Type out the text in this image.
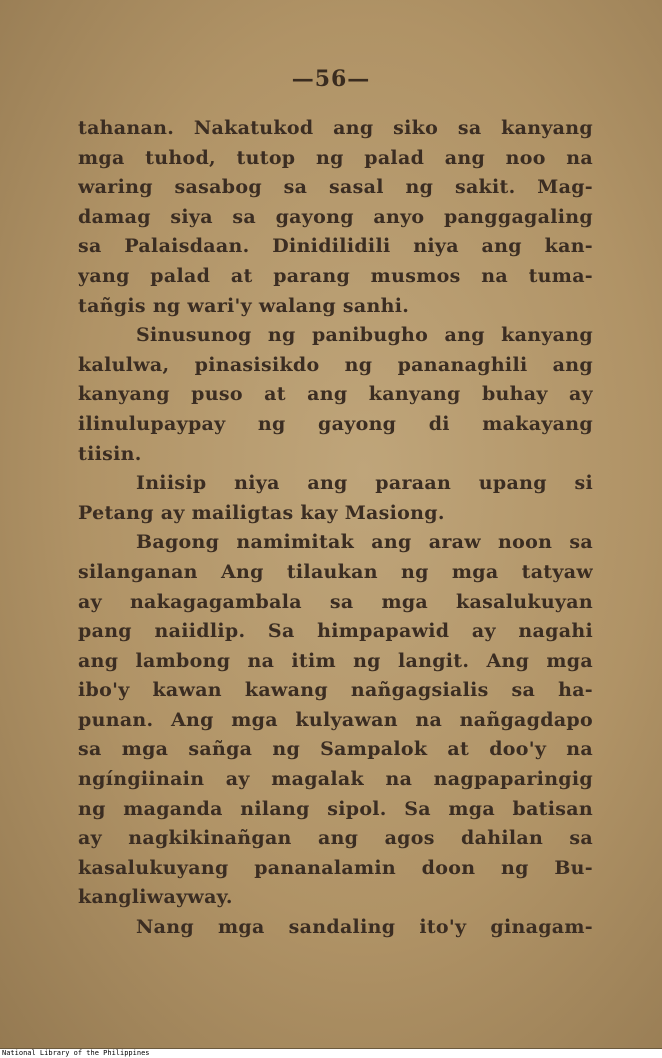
—56—
tahanan. Nakatukod ang siko sa kanyang
mga tuhod, tutop ng palad ang noo na
waring sasabog sa sasal ng sakit. Mag-
damag siya sa gayong anyo panggagaling
sa Palaisdaan. Dinidilidili niya ang kan-
yang palad at parang musmos na tuma-
tañgis ng wari'y walang sanhi.
Sinusunog ng panibugho ang kanyang
kalulwa, pinasisikdo ng pananaghili ang
kanyang puso at ang kanyang buhay ay
ilinulupaypay ng gayong di makayang
tiisin.
Iniisip niya ang paraan upang si
Petang ay mailigtas kay Masiong.
Bagong namimitak ang araw noon sa
silanganan Ang tilaukan ng mga tatyaw
ay nakagagambala sa mga kasalukuyan
pang naiidlip. Sa himpapawid ay nagahi
ang lambong na itim ng langit. Ang mga
ibo'y kawan kawang nañgagsialis sa ha-
punan. Ang mga kulyawan na nañgagdapo
sa mga sañga ng Sampalok at doo'y na
ngíngiinain ay magalak na nagpaparingig
ng maganda nilang sipol. Sa mga batisan
ay nagkikinañgan ang agos dahilan sa
kasalukuyang pananalamin doon ng Bu-
kangliwayway.
Nang mga sandaling ito'y ginagam-
National Library of the Philippines
